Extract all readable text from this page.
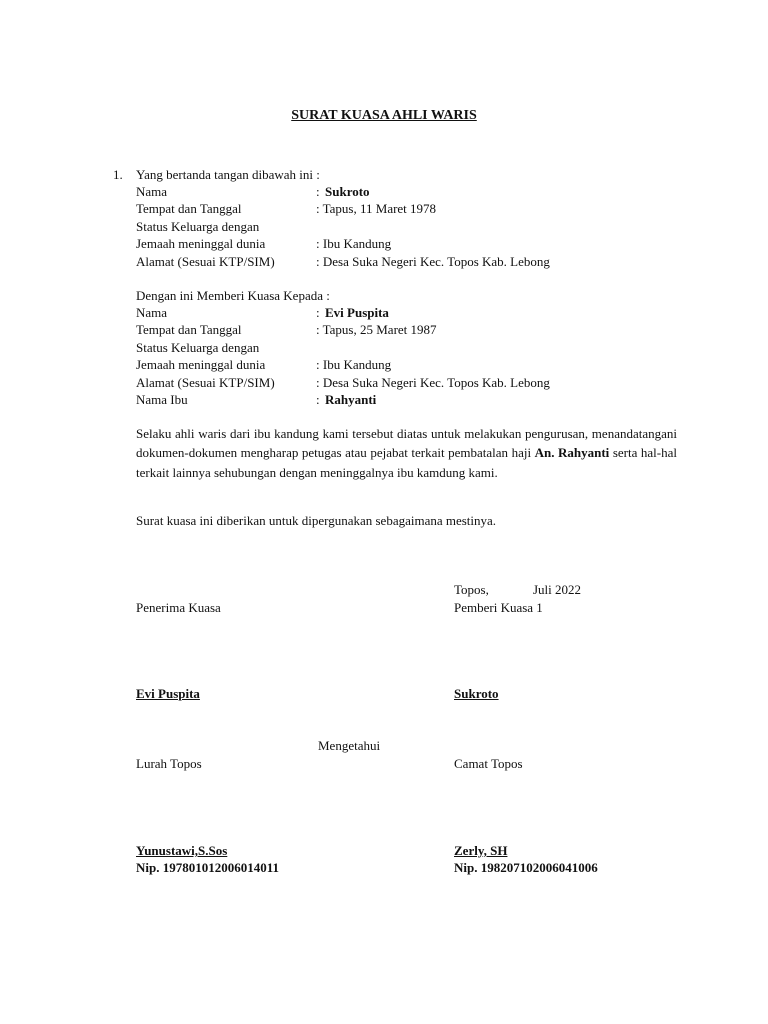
SURAT KUASA AHLI WARIS
1. Yang bertanda tangan dibawah ini :
Nama	: Sukroto
Tempat dan Tanggal	: Tapus, 11 Maret 1978
Status Keluarga dengan
Jemaah meninggal dunia	: Ibu Kandung
Alamat (Sesuai KTP/SIM)	: Desa Suka Negeri Kec. Topos Kab. Lebong
Dengan ini Memberi Kuasa Kepada :
Nama	: Evi Puspita
Tempat dan Tanggal	: Tapus, 25 Maret 1987
Status Keluarga dengan
Jemaah meninggal dunia	: Ibu Kandung
Alamat (Sesuai KTP/SIM)	: Desa Suka Negeri Kec. Topos Kab. Lebong
Nama Ibu	: Rahyanti
Selaku ahli waris dari ibu kandung kami tersebut diatas untuk melakukan pengurusan, menandatangani dokumen-dokumen mengharap petugas atau pejabat terkait pembatalan haji An. Rahyanti serta hal-hal terkait lainnya sehubungan dengan meninggalnya ibu kamdung kami.
Surat kuasa ini diberikan untuk dipergunakan sebagaimana mestinya.
Topos,	Juli 2022
Penerima Kuasa	Pemberi Kuasa 1
Evi Puspita	Sukroto
Mengetahui
Lurah Topos	Camat Topos
Yunustawi,S.Sos	Zerly, SH
Nip. 197801012006014011	Nip. 198207102006041006
